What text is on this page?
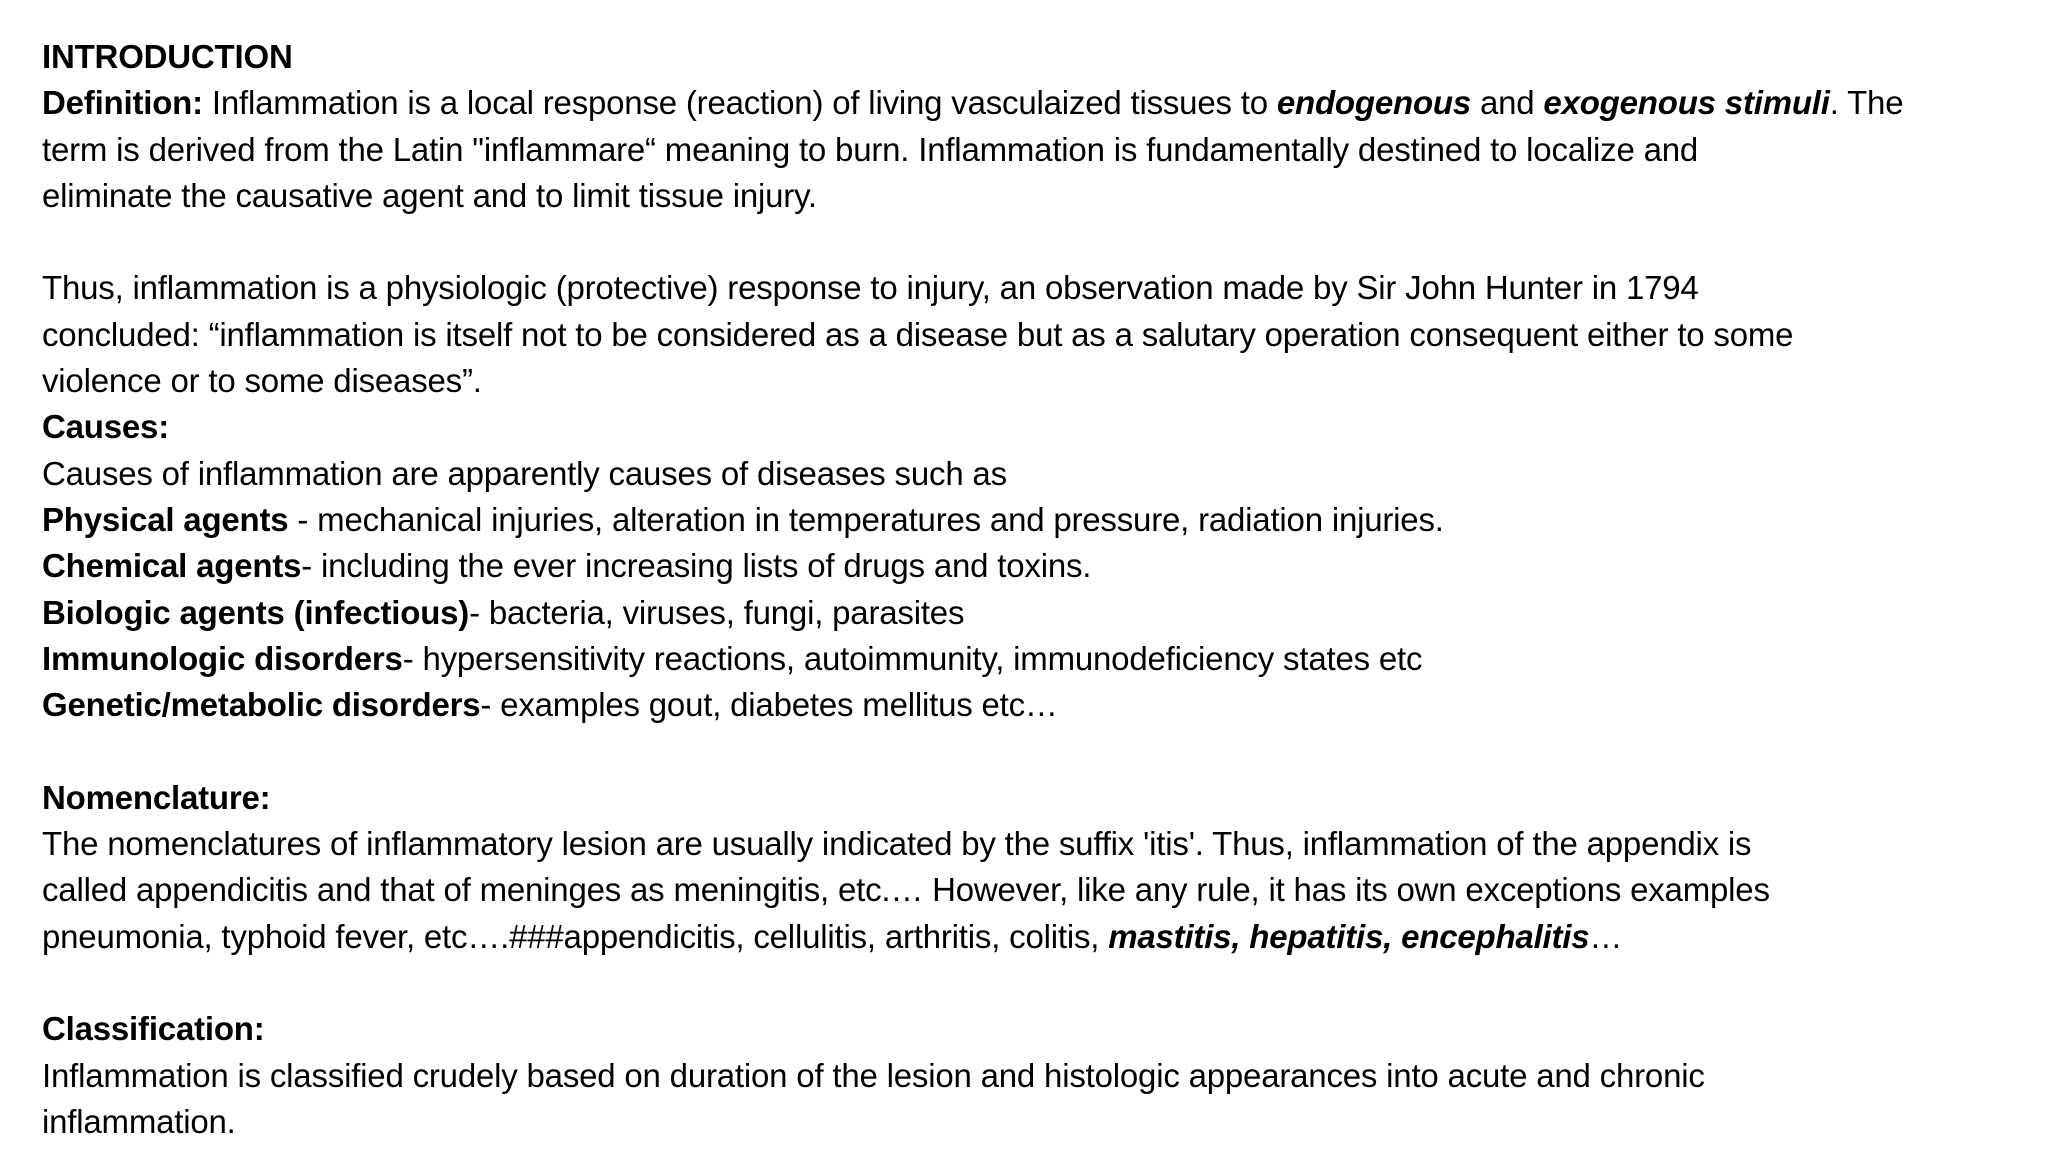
INTRODUCTION
Definition: Inflammation is a local response (reaction) of living vasculaized tissues to endogenous and exogenous stimuli. The
term is derived from the Latin "inflammare“ meaning to burn. Inflammation is fundamentally destined to localize and
eliminate the causative agent and to limit tissue injury.
Thus, inflammation is a physiologic (protective) response to injury, an observation made by Sir John Hunter in 1794
concluded: “inflammation is itself not to be considered as a disease but as a salutary operation consequent either to some
violence or to some diseases”.
Causes:
Causes of inflammation are apparently causes of diseases such as
Physical agents - mechanical injuries, alteration in temperatures and pressure, radiation injuries.
Chemical agents- including the ever increasing lists of drugs and toxins.
Biologic agents (infectious)- bacteria, viruses, fungi, parasites
Immunologic disorders- hypersensitivity reactions, autoimmunity, immunodeficiency states etc
Genetic/metabolic disorders- examples gout, diabetes mellitus etc…
Nomenclature:
The nomenclatures of inflammatory lesion are usually indicated by the suffix 'itis'. Thus, inflammation of the appendix is
called appendicitis and that of meninges as meningitis, etc.… However, like any rule, it has its own exceptions examples
pneumonia, typhoid fever, etc….###appendicitis, cellulitis, arthritis, colitis, mastitis, hepatitis, encephalitis…
Classification:
Inflammation is classified crudely based on duration of the lesion and histologic appearances into acute and chronic
inflammation.
